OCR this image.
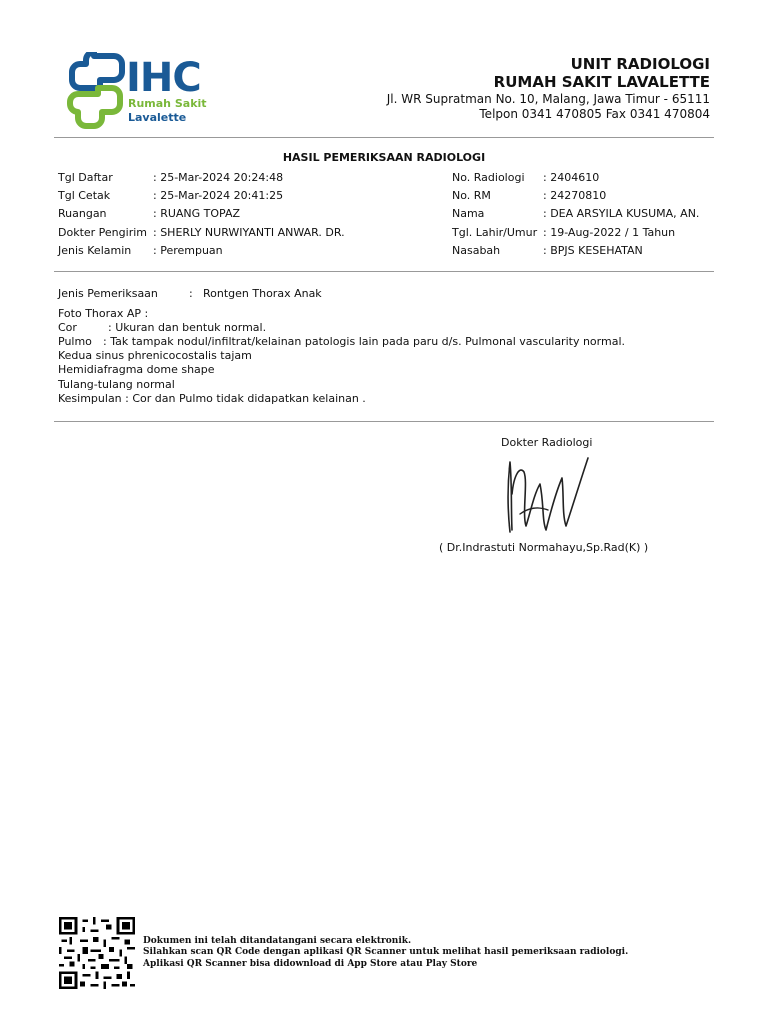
IHC
Rumah Sakit
Lavalette
UNIT RADIOLOGI
RUMAH SAKIT LAVALETTE
Jl. WR Supratman No. 10, Malang, Jawa Timur - 65111
Telpon 0341 470805 Fax 0341 470804
HASIL PEMERIKSAAN RADIOLOGI
Tgl Daftar	: 25-Mar-2024 20:24:48
Tgl Cetak	: 25-Mar-2024 20:41:25
Ruangan	: RUANG TOPAZ
Dokter Pengirim : SHERLY NURWIYANTI ANWAR. DR.
Jenis Kelamin : Perempuan
No. Radiologi : 2404610
No. RM	: 24270810
Nama	: DEA ARSYILA KUSUMA, AN.
Tgl. Lahir/Umur : 19-Aug-2022 / 1 Tahun
Nasabah	: BPJS KESEHATAN
Jenis Pemeriksaan	: Rontgen Thorax Anak
Foto Thorax AP :
Cor	: Ukuran dan bentuk normal.
Pulmo : Tak tampak nodul/infiltrat/kelainan patologis lain pada paru d/s. Pulmonal vascularity normal.
Kedua sinus phrenicocostalis tajam
Hemidiafragma dome shape
Tulang-tulang normal
Kesimpulan : Cor dan Pulmo tidak didapatkan kelainan .
Dokter Radiologi
( Dr.Indrastuti Normahayu,Sp.Rad(K) )
Dokumen ini telah ditandatangani secara elektronik.
Silahkan scan QR Code dengan aplikasi QR Scanner untuk melihat hasil pemeriksaan radiologi.
Aplikasi QR Scanner bisa didownload di App Store atau Play Store
